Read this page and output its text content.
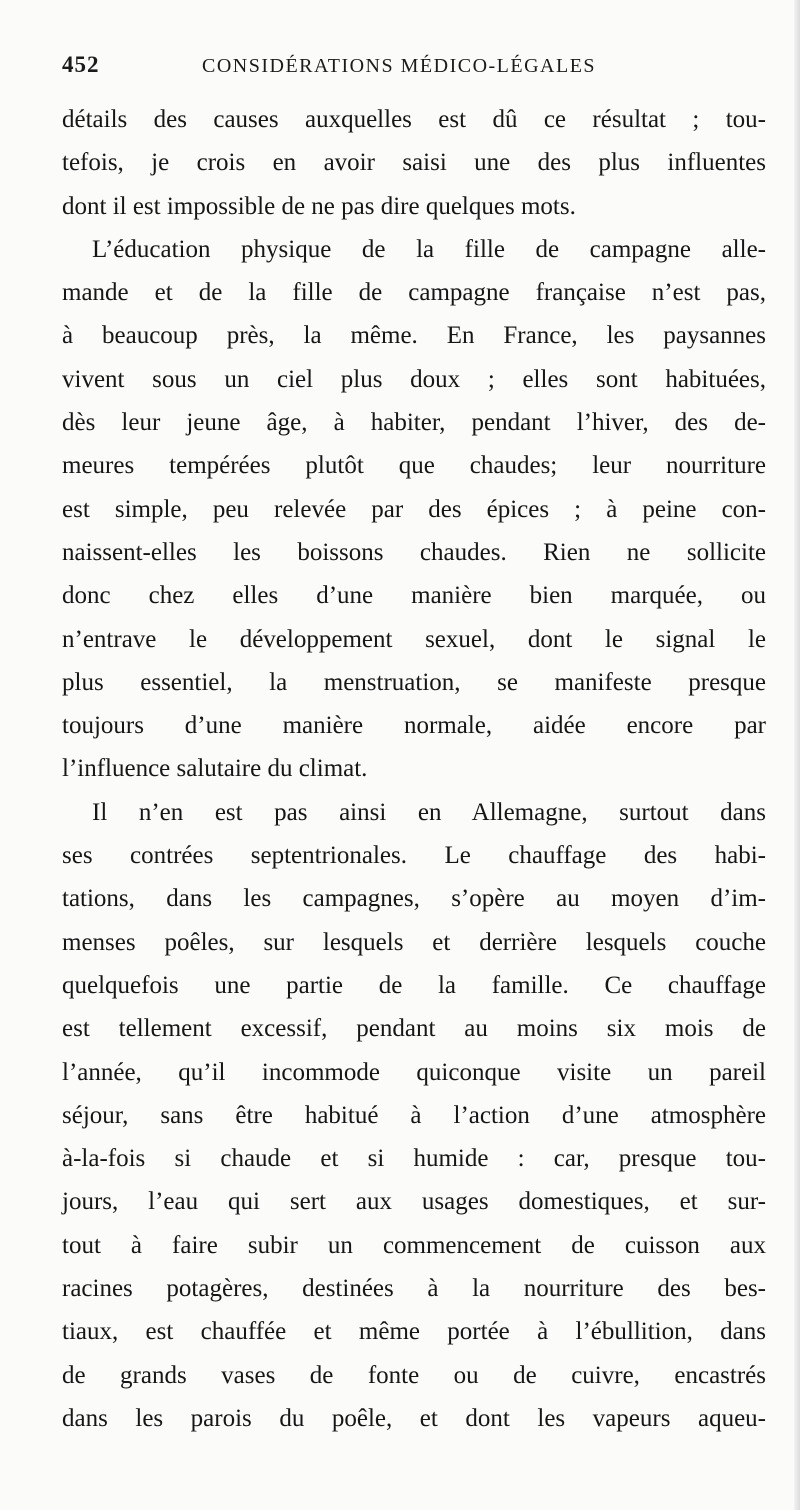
452	CONSIDÉRATIONS MÉDICO-LÉGALES
détails des causes auxquelles est dû ce résultat ; tou-
tefois, je crois en avoir saisi une des plus influentes
dont il est impossible de ne pas dire quelques mots.
L’éducation physique de la fille de campagne alle-
mande et de la fille de campagne française n’est pas,
à beaucoup près, la même. En France, les paysannes
vivent sous un ciel plus doux ; elles sont habituées,
dès leur jeune âge, à habiter, pendant l’hiver, des de-
meures tempérées plutôt que chaudes; leur nourriture
est simple, peu relevée par des épices ; à peine con-
naissent-elles les boissons chaudes. Rien ne sollicite
donc chez elles d’une manière bien marquée, ou
n’entrave le développement sexuel, dont le signal le
plus essentiel, la menstruation, se manifeste presque
toujours d’une manière normale, aidée encore par
l’influence salutaire du climat.
Il n’en est pas ainsi en Allemagne, surtout dans
ses contrées septentrionales. Le chauffage des habi-
tations, dans les campagnes, s’opère au moyen d’im-
menses poêles, sur lesquels et derrière lesquels couche
quelquefois une partie de la famille. Ce chauffage
est tellement excessif, pendant au moins six mois de
l’année, qu’il incommode quiconque visite un pareil
séjour, sans être habitué à l’action d’une atmosphère
à-la-fois si chaude et si humide : car, presque tou-
jours, l’eau qui sert aux usages domestiques, et sur-
tout à faire subir un commencement de cuisson aux
racines potagères, destinées à la nourriture des bes-
tiaux, est chauffée et même portée à l’ébullition, dans
de grands vases de fonte ou de cuivre, encastrés
dans les parois du poêle, et dont les vapeurs aqueu-
